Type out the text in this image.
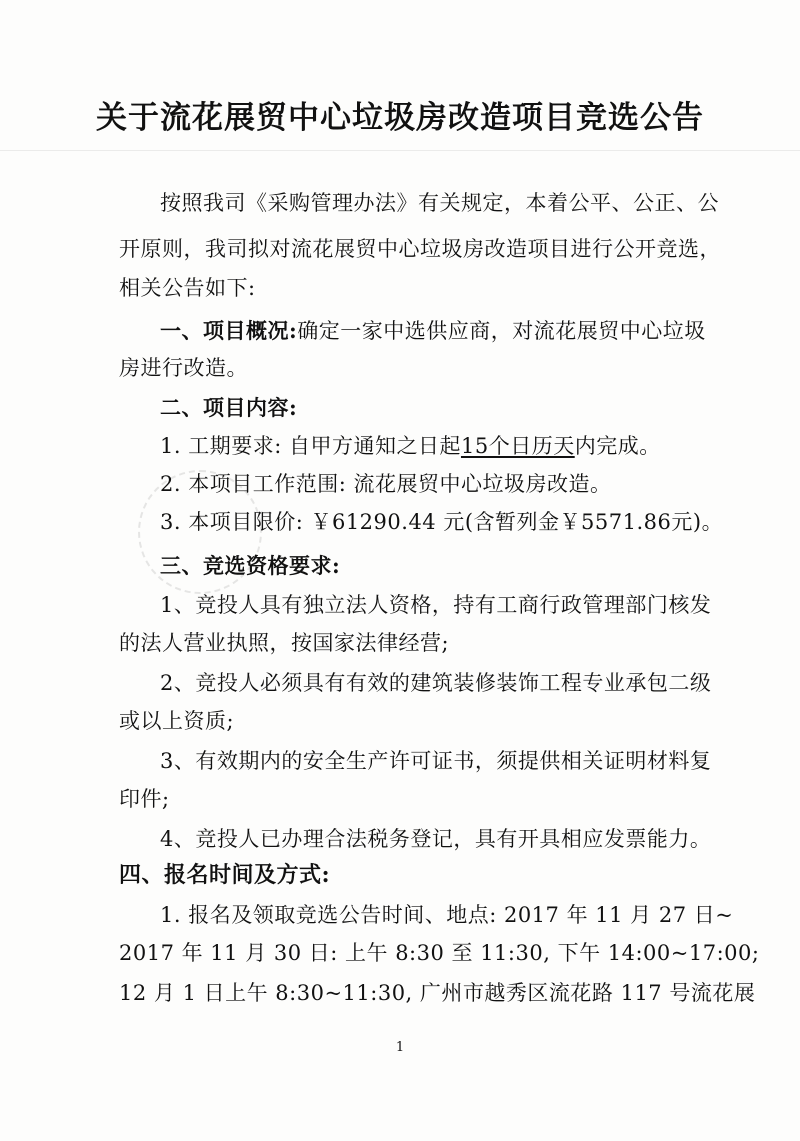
关于流花展贸中心垃圾房改造项目竞选公告
按照我司《采购管理办法》有关规定，本着公平、公正、公
开原则，我司拟对流花展贸中心垃圾房改造项目进行公开竞选，
相关公告如下:
一、项目概况:确定一家中选供应商，对流花展贸中心垃圾
房进行改造。
二、项目内容:
1. 工期要求: 自甲方通知之日起15个日历天内完成。
2. 本项目工作范围: 流花展贸中心垃圾房改造。
3. 本项目限价: ￥61290.44 元(含暂列金￥5571.86元)。
三、竞选资格要求:
1、竞投人具有独立法人资格，持有工商行政管理部门核发
的法人营业执照，按国家法律经营;
2、竞投人必须具有有效的建筑装修装饰工程专业承包二级
或以上资质;
3、有效期内的安全生产许可证书，须提供相关证明材料复
印件;
4、竞投人已办理合法税务登记，具有开具相应发票能力。
四、报名时间及方式:
1. 报名及领取竞选公告时间、地点: 2017 年 11 月 27 日~
2017 年 11 月 30 日: 上午 8:30 至 11:30, 下午 14:00~17:00;
12 月 1 日上午 8:30~11:30, 广州市越秀区流花路 117 号流花展
1
